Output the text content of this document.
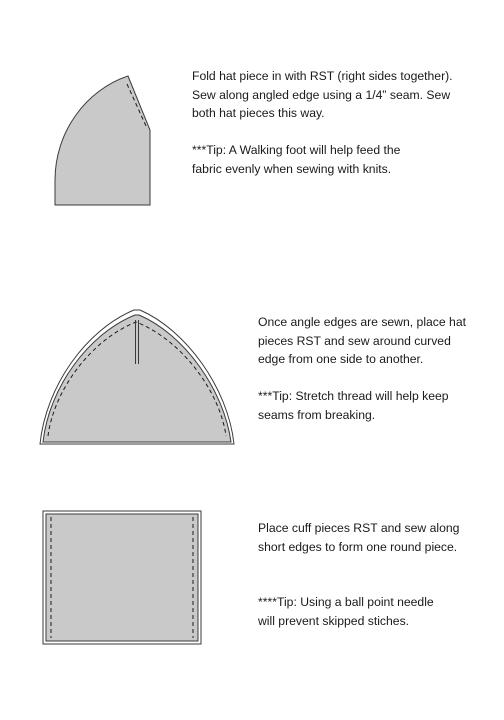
Fold hat piece in with RST (right sides together).

Sew along angled edge using a 1/4” seam. Sew

both hat pieces this way.

***Tip: A Walking foot will help feed the

fabric evenly when sewing with knits.

Once angle edges are sewn, place hat

pieces RST and sew around curved

edge from one side to another.

***Tip: Stretch thread will help keep

seams from breaking.

Place cuff pieces RST and sew along

short edges to form one round piece.

****Tip: Using a ball point needle

will prevent skipped stiches.
